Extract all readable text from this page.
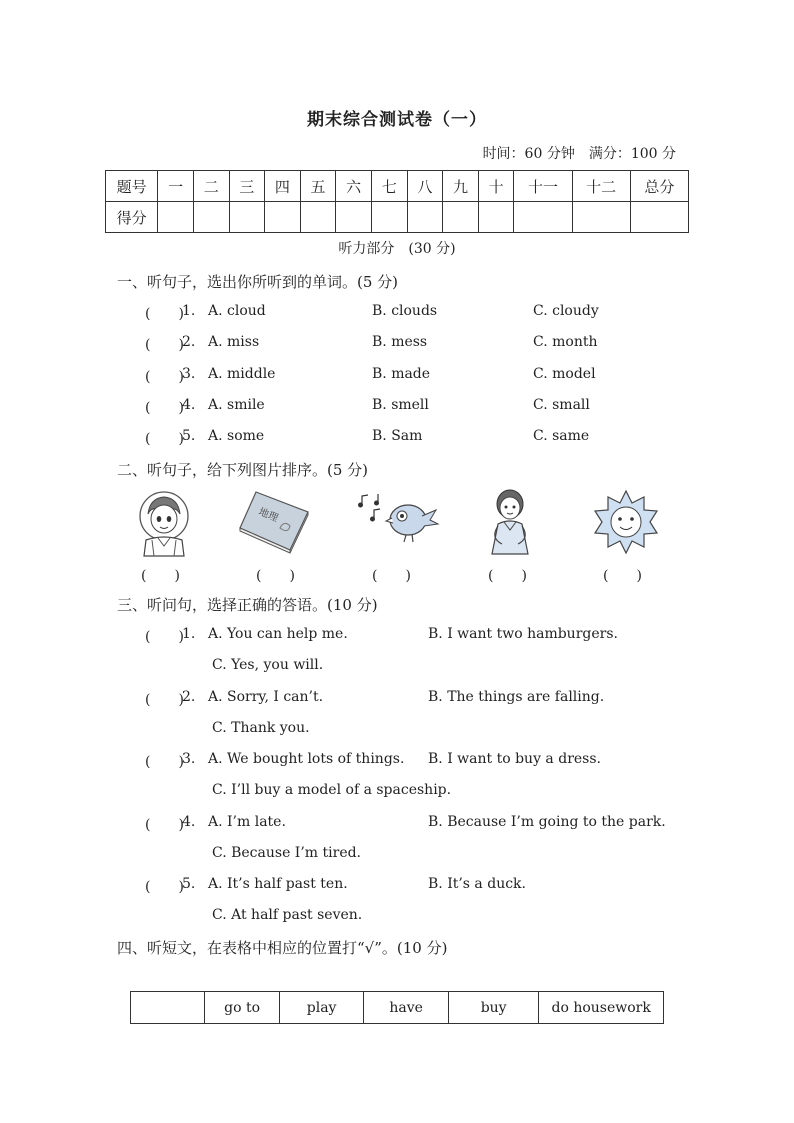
期末综合测试卷（一）
时间：60 分钟　满分：100 分
题号	一	二	三	四	五	六	七	八	九	十	十一	十二	总分
得分													
听力部分　(30 分)
一、听句子，选出你所听到的单词。(5 分)
(　　)
1. A. cloud	B. clouds	C. cloudy
(　　)
2. A. miss	B. mess	C. month
(　　)
3. A. middle	B. made	C. model
(　　)
4. A. smile	B. smell	C. small
(　　)
5. A. some	B. Sam	C. same
二、听句子，给下列图片排序。(5 分)
(　　)
地理
(　　)	(　　)	(　　)	(　　)
三、听问句，选择正确的答语。(10 分)
(　　)
1. A. You can help me.	B. I want two hamburgers.
C. Yes, you will.
(　　)
2. A. Sorry, I can’t.	B. The things are falling.
C. Thank you.
(　　)
3. A. We bought lots of things. B. I want to buy a dress.
C. I’ll buy a model of a spaceship.
(　　)
4. A. I’m late.	B. Because I’m going to the park.
C. Because I’m tired.
(　　)
5. A. It’s half past ten.	B. It’s a duck.
C. At half past seven.
四、听短文，在表格中相应的位置打“√”。(10 分)
	go to	play	have	buy	do housework
